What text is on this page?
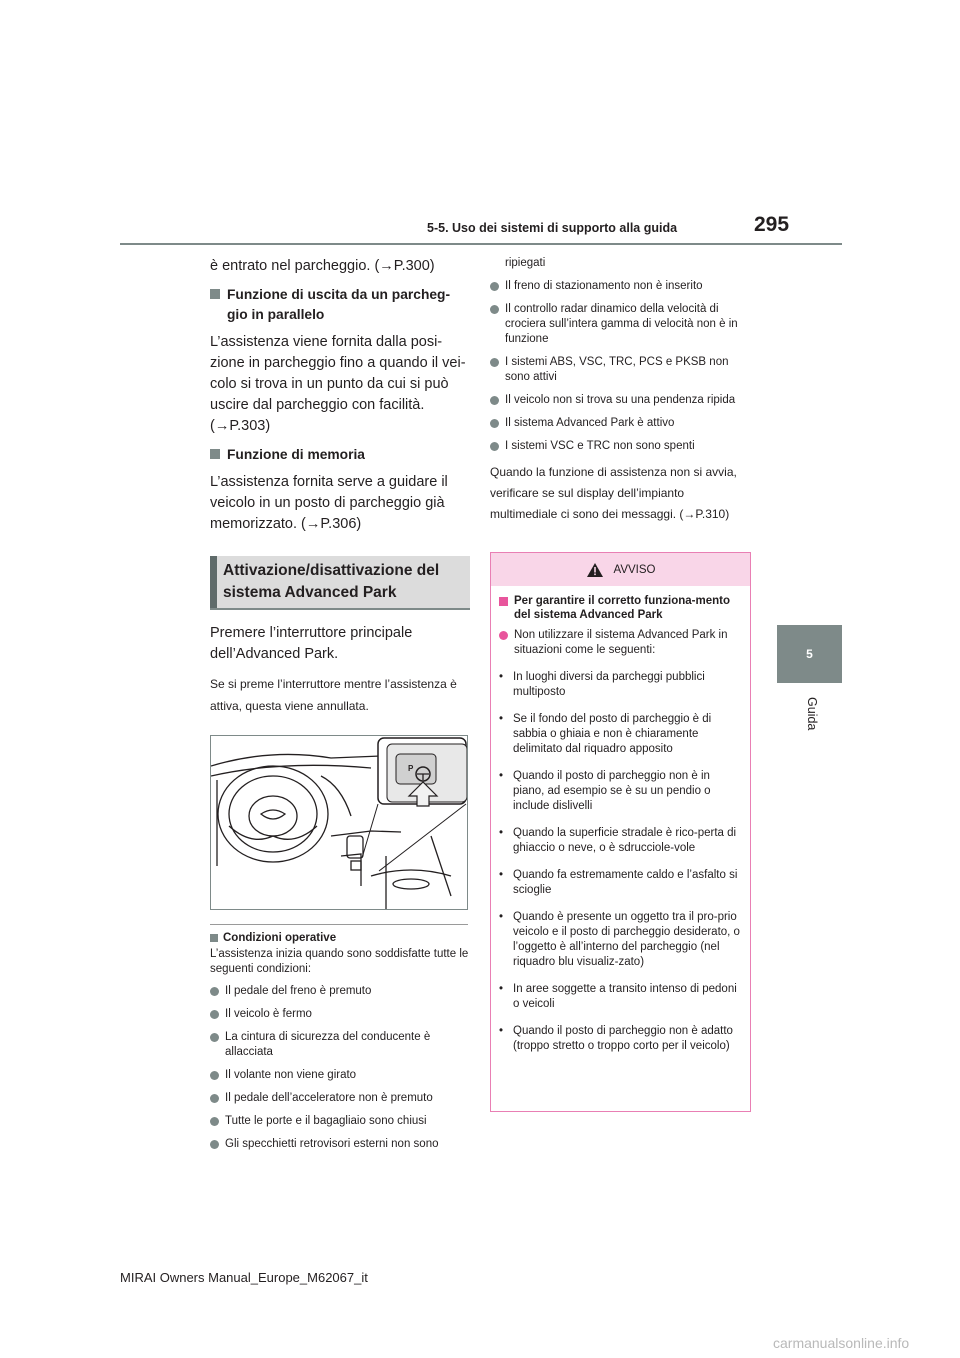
5-5. Uso dei sistemi di supporto alla guida	295
5
Guida

è entrato nel parcheggio. (→P.300)

Funzione di uscita da un parcheg-gio in parallelo

L’assistenza viene fornita dalla posi-zione in parcheggio fino a quando il vei-colo si trova in un punto da cui si può uscire dal parcheggio con facilità. (→P.303)

Funzione di memoria

L’assistenza fornita serve a guidare il veicolo in un posto di parcheggio già memorizzato. (→P.306)

Attivazione/disattivazione del sistema Advanced Park

Premere l’interruttore principale dell’Advanced Park.

Se si preme l’interruttore mentre l’assistenza è attiva, questa viene annullata.

P
Condizioni operative

L’assistenza inizia quando sono soddisfatte tutte le seguenti condizioni:

Il pedale del freno è premuto
Il veicolo è fermo
La cintura di sicurezza del conducente è allacciata
Il volante non viene girato
Il pedale dell’acceleratore non è premuto
Tutte le porte e il bagagliaio sono chiusi
Gli specchietti retrovisori esterni non sono

ripiegati

Il freno di stazionamento non è inserito
Il controllo radar dinamico della velocità di crociera sull’intera gamma di velocità non è in funzione
I sistemi ABS, VSC, TRC, PCS e PKSB non sono attivi
Il veicolo non si trova su una pendenza ripida
Il sistema Advanced Park è attivo
I sistemi VSC e TRC non sono spenti

Quando la funzione di assistenza non si avvia, verificare se sul display dell’impianto multimediale ci sono dei messaggi. (→P.310)

AVVISO
Per garantire il corretto funziona-mento del sistema Advanced Park
Non utilizzare il sistema Advanced Park in situazioni come le seguenti:
• In luoghi diversi da parcheggi pubblici multiposto
• Se il fondo del posto di parcheggio è di sabbia o ghiaia e non è chiaramente delimitato dal riquadro apposito
• Quando il posto di parcheggio non è in piano, ad esempio se è su un pendio o include dislivelli
• Quando la superficie stradale è rico-perta di ghiaccio o neve, o è sdrucciole-vole
• Quando fa estremamente caldo e l’asfalto si scioglie
• Quando è presente un oggetto tra il pro-prio veicolo e il posto di parcheggio desiderato, o l’oggetto è all’interno del parcheggio (nel riquadro blu visualiz-zato)
• In aree soggette a transito intenso di pedoni o veicoli
• Quando il posto di parcheggio non è adatto (troppo stretto o troppo corto per il veicolo)
MIRAI Owners Manual_Europe_M62067_it
carmanualsonline.info
